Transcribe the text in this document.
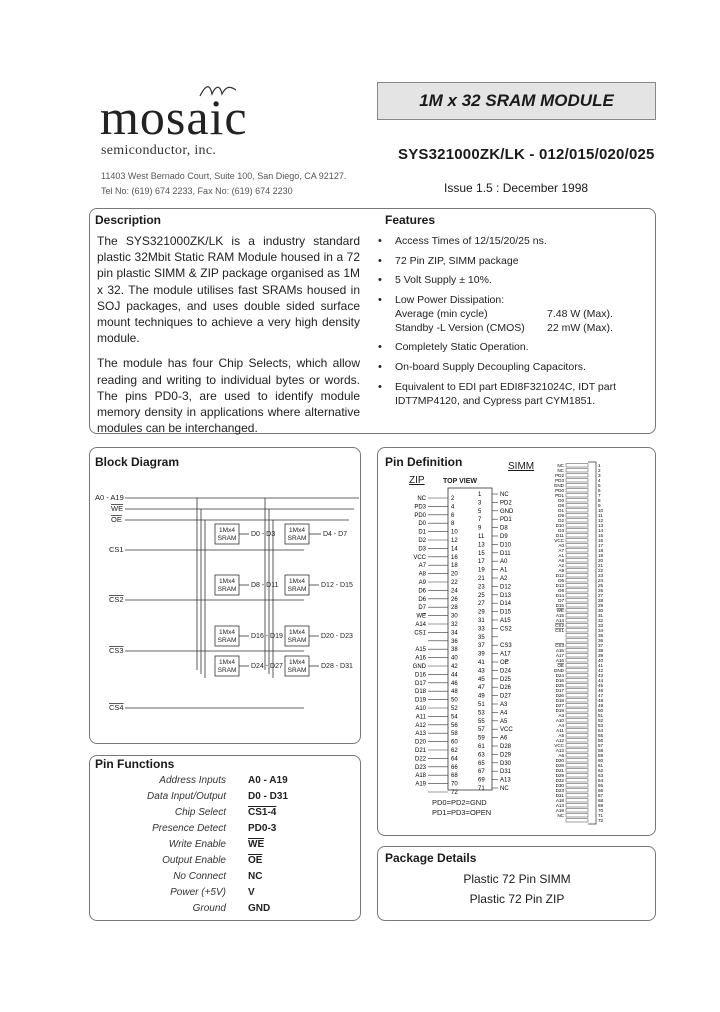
mosaic
semiconductor, inc.
11403 West Bernado Court, Suite 100, San Diego, CA 92127.
Tel No: (619) 674 2233, Fax No: (619) 674 2230
1M x 32 SRAM MODULE
SYS321000ZK/LK - 012/015/020/025
Issue 1.5 : December 1998
Description

The SYS321000ZK/LK is a industry standard plastic 32Mbit Static RAM Module housed in a 72 pin plastic SIMM & ZIP package organised as 1M x 32. The module utilises fast SRAMs housed in SOJ packages, and uses double sided surface mount techniques to achieve a very high density module.

The module has four Chip Selects, which allow reading and writing to individual bytes or words. The pins PD0-3, are used to identify module memory density in applications where alternative modules can be interchanged.

Features
• Access Times of 12/15/20/25 ns.
• 72 Pin ZIP, SIMM package
• 5 Volt Supply ± 10%.
• Low Power Dissipation:
Average (min cycle)	7.48 W (Max).
Standby -L Version (CMOS)	22 mW (Max).
• Completely Static Operation.
• On-board Supply Decoupling Capacitors.
• Equivalent to EDI part EDI8F321024C, IDT part IDT7MP4120, and Cypress part CYM1851.
Block Diagram
A0 - A19
WE
OE
CS1
CS2
CS3
CS4
1Mx4
SRAM
1Mx4
SRAM
1Mx4
SRAM
1Mx4
SRAM
1Mx4
SRAM
1Mx4
SRAM
1Mx4
SRAM
1Mx4
SRAM
D0 - D3	D4 - D7
D8 - D11	D12 - D15
D16 - D19	D20 - D23
D24 - D27	D28 - D31
Pin Definition	SIMM
ZIP	TOP VIEW
NC	2
PD3	4
PD0	6
D0	8
D1	10
D2	12
D3	14
VCC	16
A7	18
A8	20
A9	22
D6	24
D6	26
D7	28
WE	30
A14	32
CS1	34
36
A15	38
A16	40
GND	42
D16	44
D17	46
D18	48
D19	50
A10	52
A11	54
A12	56
A13	58
D20	60
D21	62
D22	64
D23	66
A18	68
A19	70
72
1	NC
3	PD2
5	GND
7	PD1
9	D8
11	D9
13	D10
15	D11
17	A0
19	A1
21	A2
23	D12
25	D13
27	D14
29	D15
31	A15
33	CS2
35
37	CS3
39	A17
41	OE
43	D24
45	D25
47	D26
49	D27
51	A3
53	A4
55	A5
57	VCC
59	A6
61	D28
63	D29
65	D30
67	D31
69	A13
71	NC
NC	1
NC	2
PD2	3
PD3	4
GND	5
PD0	6
PD1	7
D0	8
D8	9
D1	10
D9	11
D2	12
D10	13
D3	14
D11	15
VCC	16
A0	17
A7	18
A1	19
A8	20
A2	21
A9	22
D12	23
D6	24
D13	25
D6	26
D14	27
D7	28
D15	29
WE	30
A15	31
A14	32
CS2	33
CS1	34
35
36
CS3	37
A15	38
A17	39
A16	40
OE	41
GND	42
D24	43
D16	44
D25	45
D17	46
D26	47
D18	48
D27	49
D19	50
A3	51
A10	52
A4	53
A11	54
A5	55
A12	56
VCC	57
A13	58
A6	59
D20	60
D28	61
D21	62
D29	63
D22	64
D30	65
D23	66
D31	67
A18	68
A13	69
A19	70
NC	71
72
PD0=PD2=GND
PD1=PD3=OPEN
Pin Functions
Address Inputs A0 - A19
Data Input/Output D0 - D31
Chip Select CS1-4
Presence Detect PD0-3
Write Enable $\overline{WE}$
Output Enable $\overline{OE}$
No Connect NC
Power (+5V) V
Ground GND
Package Details
Plastic 72 Pin SIMM
Plastic 72 Pin ZIP
